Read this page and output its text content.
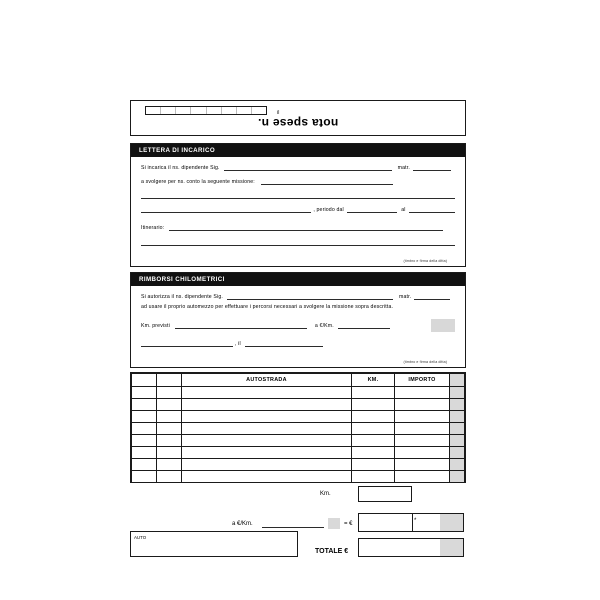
il
nota spese n.
LETTERA DI INCARICO
Si incarica il ns. dipendente Sig.	matr.
a svolgere per ns. conto la seguente missione:
, periodo dal	al
Itinerario:
(timbro e firma della ditta)
RIMBORSI CHILOMETRICI
Si autorizza il ns. dipendente Sig.	matr.
ad usare il proprio automezzo per effettuare i percorsi necessari a svolgere la missione sopra descritta.
Km. previsti	a €/Km.
, il
(timbro e firma della ditta)
		AUTOSTRADA	KM.	IMPORTO	

Km.
a €/Km.	= €	*
AUTO
TOTALE €
